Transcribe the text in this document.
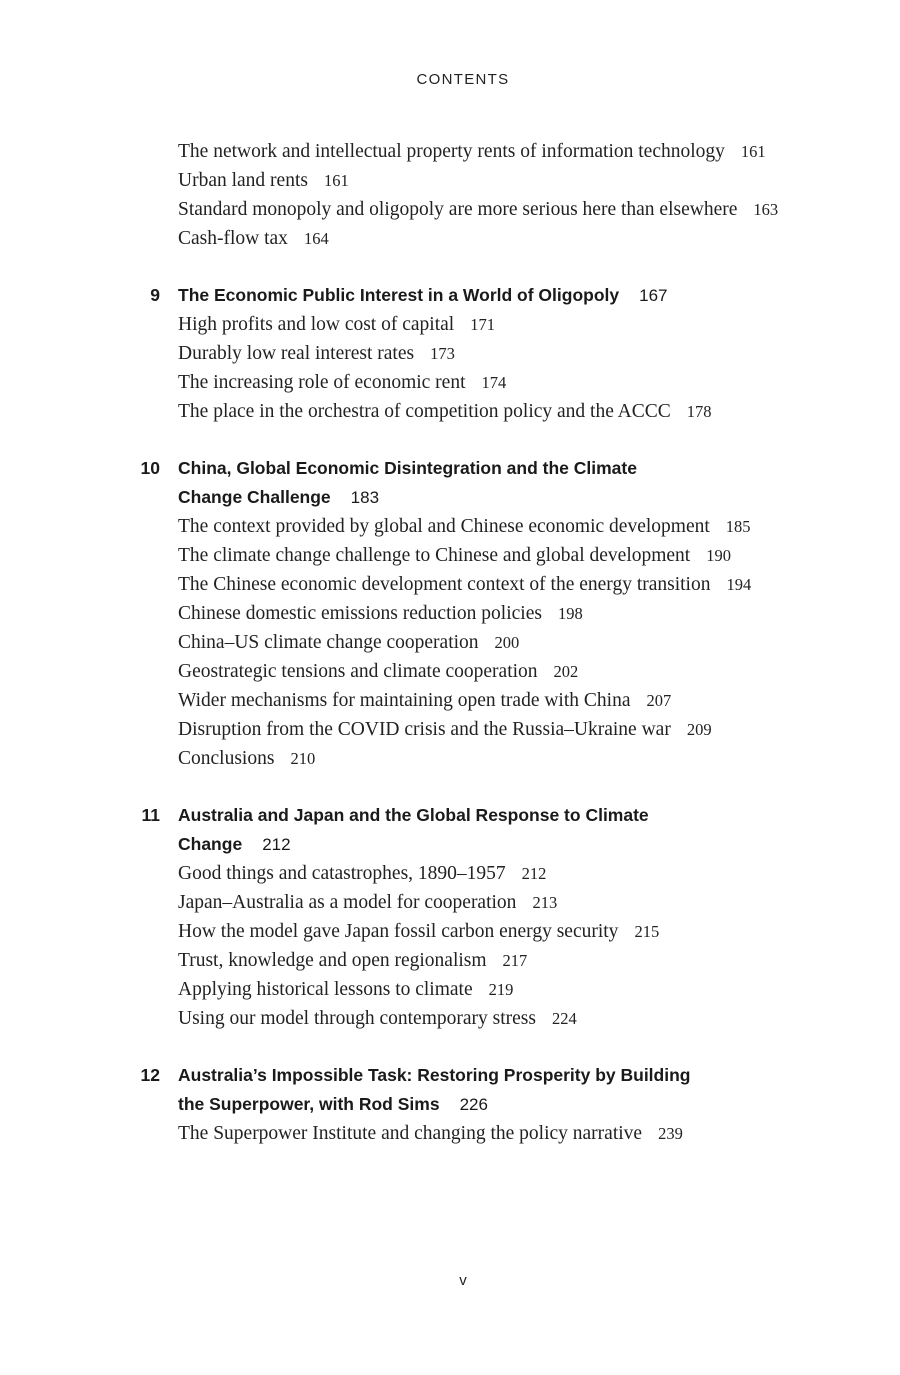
CONTENTS
The network and intellectual property rents of information technology 161
Urban land rents 161
Standard monopoly and oligopoly are more serious here than elsewhere 163
Cash-flow tax 164
9 The Economic Public Interest in a World of Oligopoly 167
High profits and low cost of capital 171
Durably low real interest rates 173
The increasing role of economic rent 174
The place in the orchestra of competition policy and the ACCC 178
10 China, Global Economic Disintegration and the Climate Change Challenge 183
The context provided by global and Chinese economic development 185
The climate change challenge to Chinese and global development 190
The Chinese economic development context of the energy transition 194
Chinese domestic emissions reduction policies 198
China–US climate change cooperation 200
Geostrategic tensions and climate cooperation 202
Wider mechanisms for maintaining open trade with China 207
Disruption from the COVID crisis and the Russia–Ukraine war 209
Conclusions 210
11 Australia and Japan and the Global Response to Climate Change 212
Good things and catastrophes, 1890–1957 212
Japan–Australia as a model for cooperation 213
How the model gave Japan fossil carbon energy security 215
Trust, knowledge and open regionalism 217
Applying historical lessons to climate 219
Using our model through contemporary stress 224
12 Australia’s Impossible Task: Restoring Prosperity by Building the Superpower, with Rod Sims 226
The Superpower Institute and changing the policy narrative 239
v
